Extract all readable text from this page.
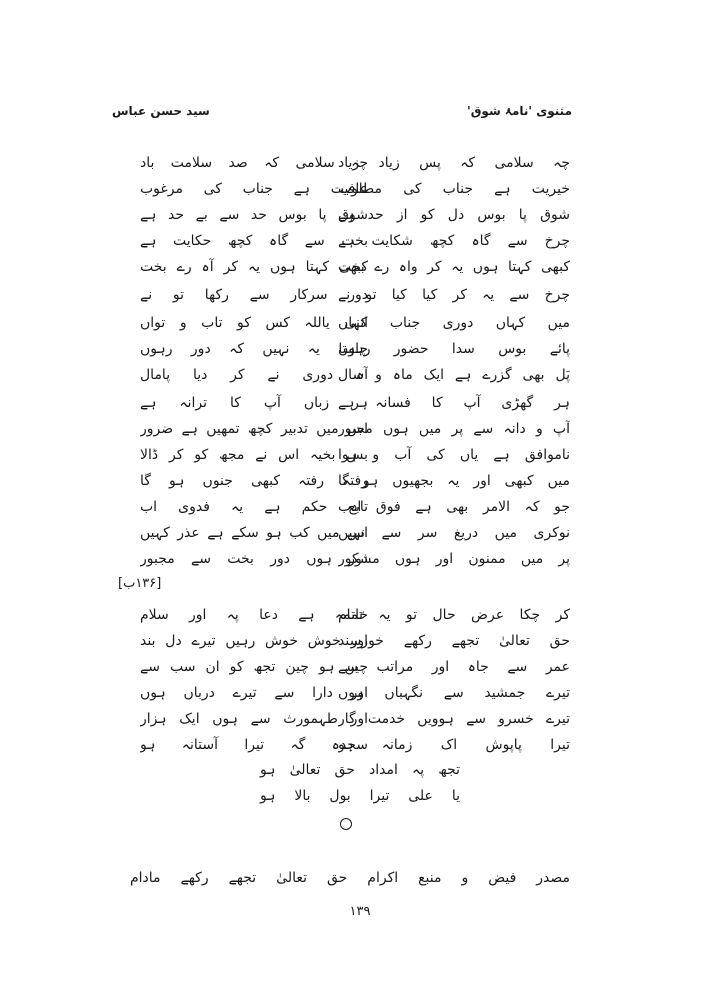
مثنوی 'نامۂ شوق'
سید حسن عباس
چہ سلامی کہ پس زیاد زیاد
چہ سلامی کہ صد سلامت باد
خیریت ہے جناب کی مطلوب
عافیت ہے جناب کی مرغوب
شوق پا بوس دل کو از حد ہے
شوق پا بوس حد سے بے حد ہے
چرخ سے گاہ کچھ شکایت ہے
بخت سے گاہ کچھ حکایت ہے
کبھی کہتا ہوں یہ کر واہ رے بخت
کبھی کہتا ہوں یہ کر آہ رے بخت
چرخ سے یہ کر کیا کیا تو نے
دور سرکار سے رکھا تو نے
میں کہاں دوری جناب کہاں
اتنی یاللہ کس کو تاب و تواں
پائے بوس سدا حضور رہوں
چاہتا یہ نہیں کہ دور رہوں
پَل بھی گزرے ہے ایک ماہ و سال
آہ دوری نے کر دیا پامال
ہر گھڑی آپ کا فسانہ ہے
ہر زباں آپ کا ترانہ ہے
آپ و دانہ سے پر میں ہوں مجبور
اس میں تدبیر کچھ تمھیں ہے ضرور
ناموافق ہے یاں کی آب و ہوا
بس بخیہ اس نے مجھ کو کر ڈالا
میں کبھی اور یہ بجھیوں ہو گا
رفتہ رفتہ کبھی جنوں ہو گا
جو کہ الامر بھی ہے فوق ادب
تابع حکم ہے یہ فدوی اب
نوکری میں دریغ سر سے نہیں
اس میں کب ہو سکے ہے عذر کہیں
پر میں ممنون اور ہوں مشکور
دور ہوں دور بخت سے مجبور
[۱۳۶ب]
کر چکا عرض حال تو یہ تمام
خاتمہ ہے دعا پہ اور سلام
حق تعالیٰ تجھے رکھے خورسند
اور خوش خوش رہیں تیرے دل بند
عمر سے جاہ اور مراتب سے
چین ہو چین تجھ کو ان سب سے
تیرے جمشید سے نگہباں ہوں
اور دارا سے تیرے درباں ہوں
تیرے خسرو سے ہوویں خدمت گار
اور طہمورث سے ہوں ایک ہزار
تیرا پاپوش اک زمانہ ہو
سجدہ گہ تیرا آستانہ ہو
تجھ پہ امداد حق تعالیٰ ہو
یا علی تیرا بول بالا ہو
مصدر فیض و منبع اکرام حق تعالیٰ تجھے رکھے مادام
۱۳۹
